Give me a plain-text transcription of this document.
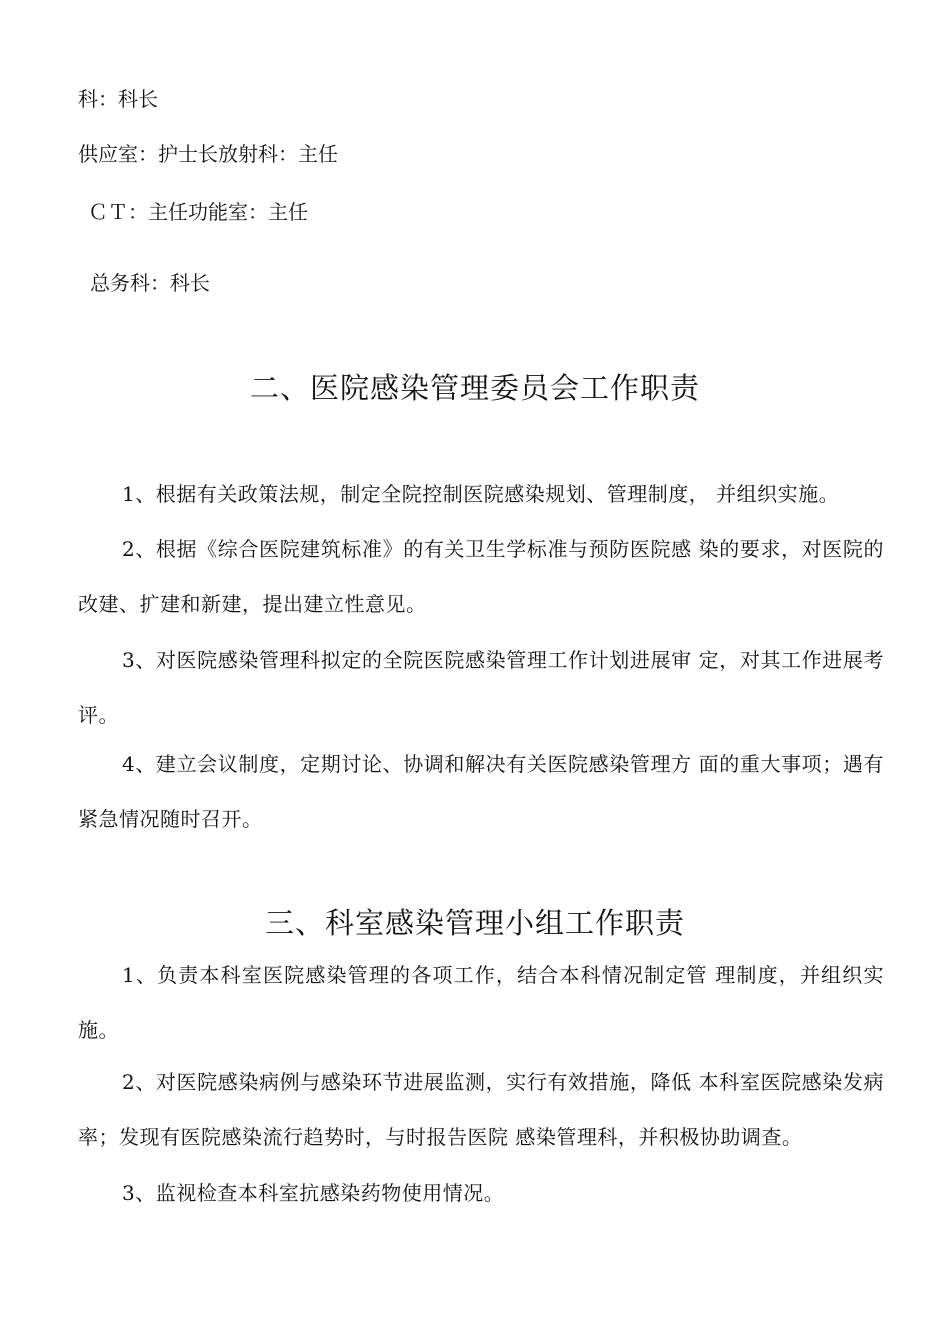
科：科长
供应室：护士长放射科：主任
ＣＴ：主任功能室：主任
总务科：科长
二、医院感染管理委员会工作职责
1、根据有关政策法规，制定全院控制医院感染规划、管理制度， 并组织实施。
2、根据《综合医院建筑标准》的有关卫生学标准与预防医院感 染的要求，对医院的改建、扩建和新建，提出建立性意见。
3、对医院感染管理科拟定的全院医院感染管理工作计划进展审 定，对其工作进展考评。
4、建立会议制度，定期讨论、协调和解决有关医院感染管理方 面的重大事项；遇有紧急情况随时召开。
三、科室感染管理小组工作职责
1、负责本科室医院感染管理的各项工作，结合本科情况制定管 理制度，并组织实施。
2、对医院感染病例与感染环节进展监测，实行有效措施，降低 本科室医院感染发病率；发现有医院感染流行趋势时，与时报告医院 感染管理科，并积极协助调查。
3、监视检查本科室抗感染药物使用情况。
